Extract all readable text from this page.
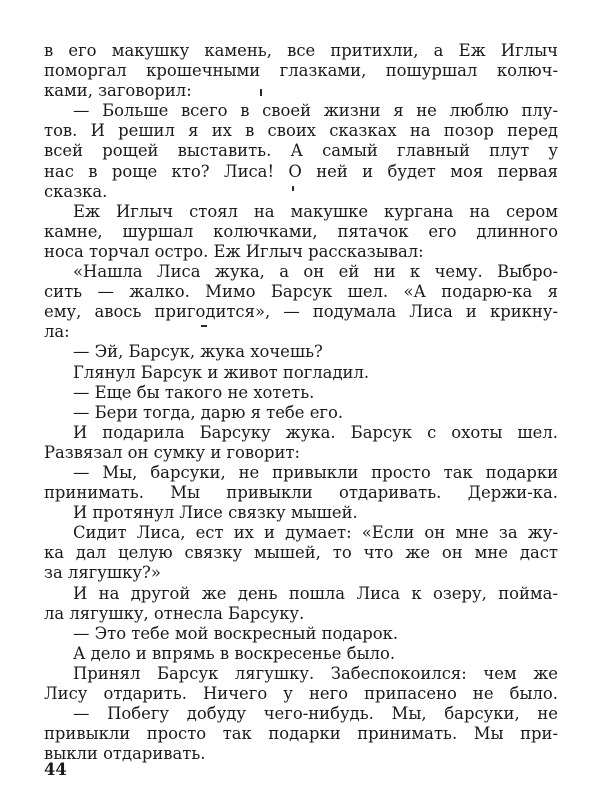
в его макушку камень, все притихли, а Еж Иглыч
поморгал крошечными глазками, пошуршал колюч-
ками, заговорил:
— Больше всего в своей жизни я не люблю плу-
тов. И решил я их в своих сказках на позор перед
всей рощей выставить. А самый главный плут у
нас в роще кто? Лиса! О ней и будет моя первая
сказка.
Еж Иглыч стоял на макушке кургана на сером
камне, шуршал колючками, пятачок его длинного
носа торчал остро. Еж Иглыч рассказывал:
«Нашла Лиса жука, а он ей ни к чему. Выбро-
сить — жалко. Мимо Барсук шел. «А подарю-ка я
ему, авось пригодится», — подумала Лиса и крикну-
ла:
— Эй, Барсук, жука хочешь?
Глянул Барсук и живот погладил.
— Еще бы такого не хотеть.
— Бери тогда, дарю я тебе его.
И подарила Барсуку жука. Барсук с охоты шел.
Развязал он сумку и говорит:
— Мы, барсуки, не привыкли просто так подарки
принимать. Мы привыкли отдаривать. Держи-ка.
И протянул Лисе связку мышей.
Сидит Лиса, ест их и думает: «Если он мне за жу-
ка дал целую связку мышей, то что же он мне даст
за лягушку?»
И на другой же день пошла Лиса к озеру, пойма-
ла лягушку, отнесла Барсуку.
— Это тебе мой воскресный подарок.
А дело и впрямь в воскресенье было.
Принял Барсук лягушку. Забеспокоился: чем же
Лису отдарить. Ничего у него припасено не было.
— Побегу добуду чего-нибудь. Мы, барсуки, не
привыкли просто так подарки принимать. Мы при-
выкли отдаривать.
44
